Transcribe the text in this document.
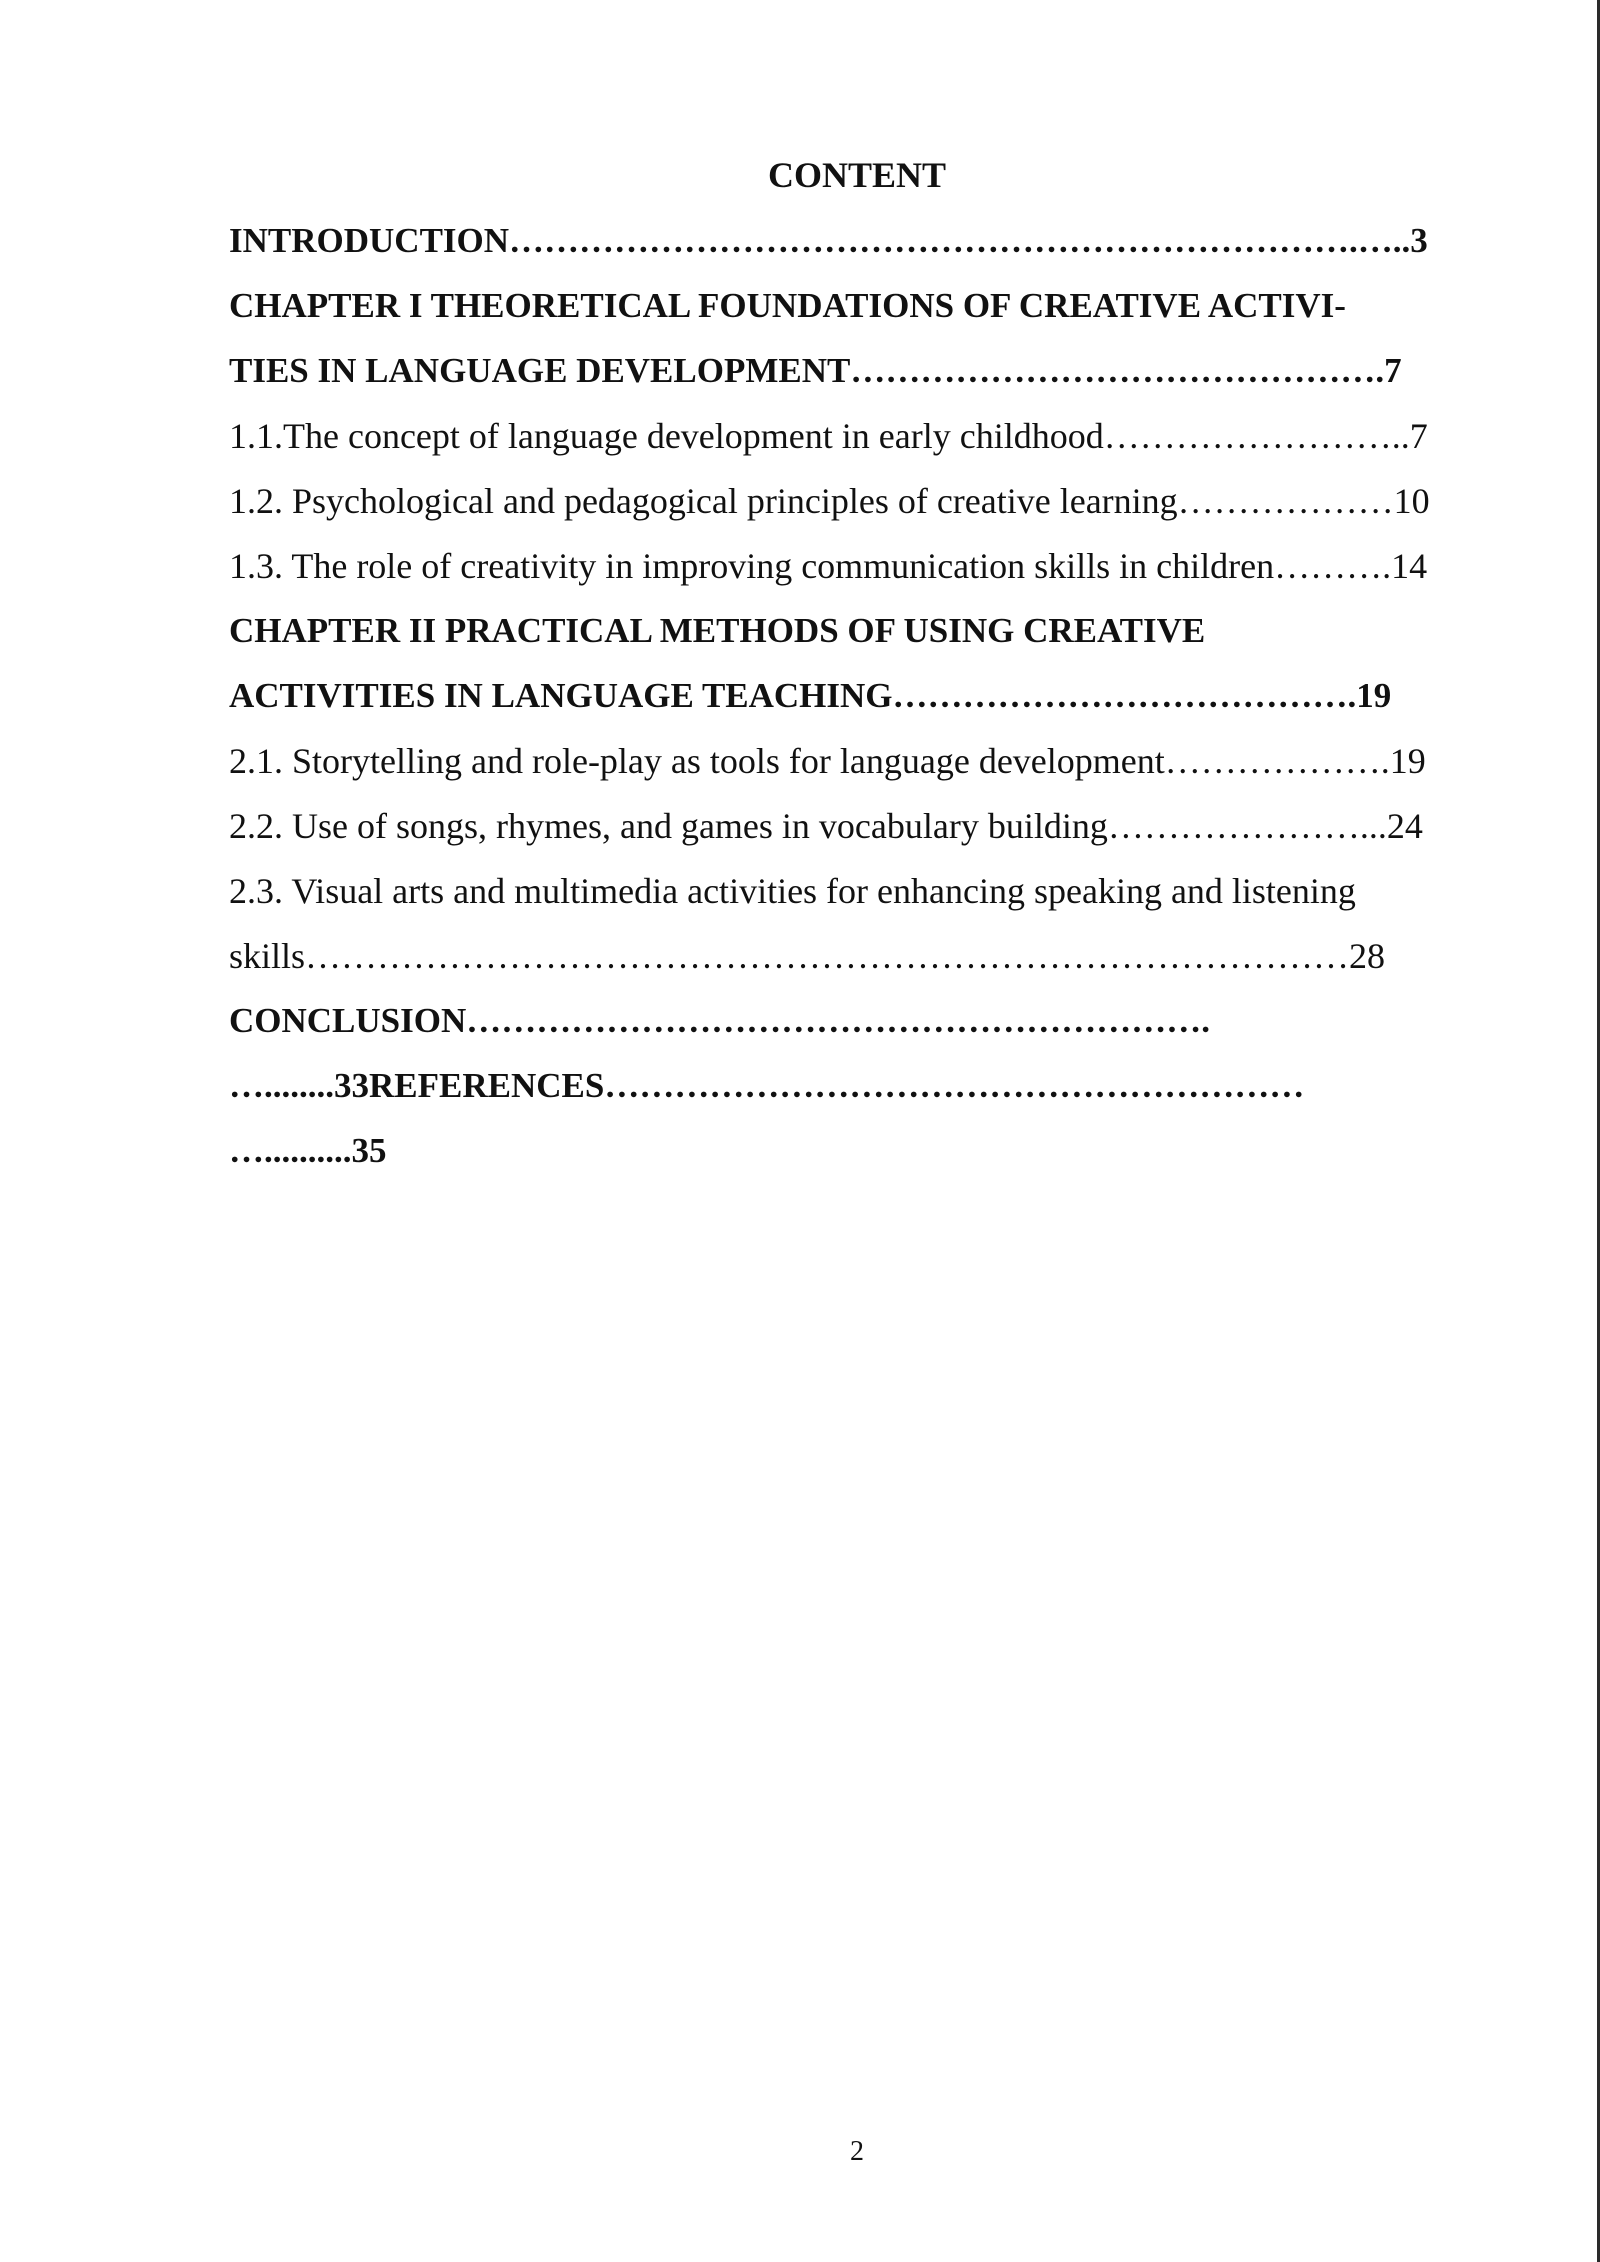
CONTENT
INTRODUCTION……………………………………………………………….…..3
CHAPTER I THEORETICAL FOUNDATIONS OF CREATIVE ACTIVI-
TIES IN LANGUAGE DEVELOPMENT……………………………………….7
1.1.The concept of language development in early childhood……………………..7
1.2. Psychological and pedagogical principles of creative learning………………10
1.3. The role of creativity in improving communication skills in children……….14
CHAPTER II PRACTICAL METHODS OF USING CREATIVE
ACTIVITIES IN LANGUAGE TEACHING………………………………….19
2.1. Storytelling and role-play as tools for language development……………….19
2.2. Use of songs, rhymes, and games in vocabulary building…………………...24
2.3. Visual arts and multimedia activities for enhancing speaking and listening
skills……………………………………………………………………………28
CONCLUSION……………………………………………………….
…........33REFERENCES……………………………………………………
…..........35
2
